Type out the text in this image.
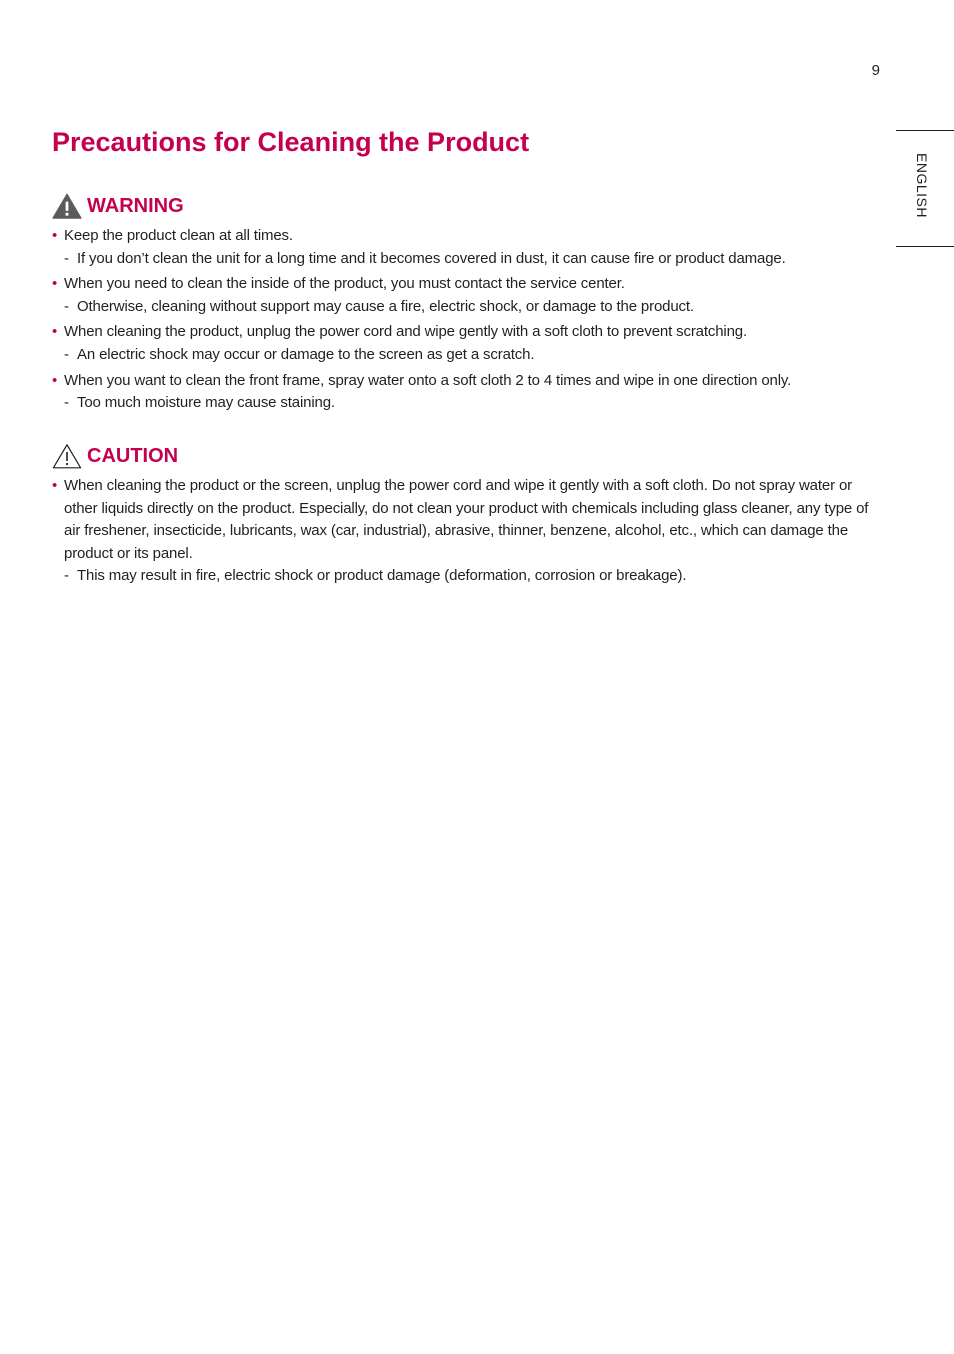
9
ENGLISH
Precautions for Cleaning the Product
WARNING
• Keep the product clean at all times.
- If you don’t clean the unit for a long time and it becomes covered in dust, it can cause fire or product damage.
• When you need to clean the inside of the product, you must contact the service center.
- Otherwise, cleaning without support may cause a fire, electric shock, or damage to the product.
• When cleaning the product, unplug the power cord and wipe gently with a soft cloth to prevent scratching.
- An electric shock may occur or damage to the screen as get a scratch.
• When you want to clean the front frame, spray water onto a soft cloth 2 to 4 times and wipe in one direction only.
- Too much moisture may cause staining.
CAUTION
• When cleaning the product or the screen, unplug the power cord and wipe it gently with a soft cloth. Do not spray water or other liquids directly on the product. Especially, do not clean your product with chemicals including glass cleaner, any type of air freshener, insecticide, lubricants, wax (car, industrial), abrasive, thinner, benzene, alcohol, etc., which can damage the product or its panel.
- This may result in fire, electric shock or product damage (deformation, corrosion or breakage).
